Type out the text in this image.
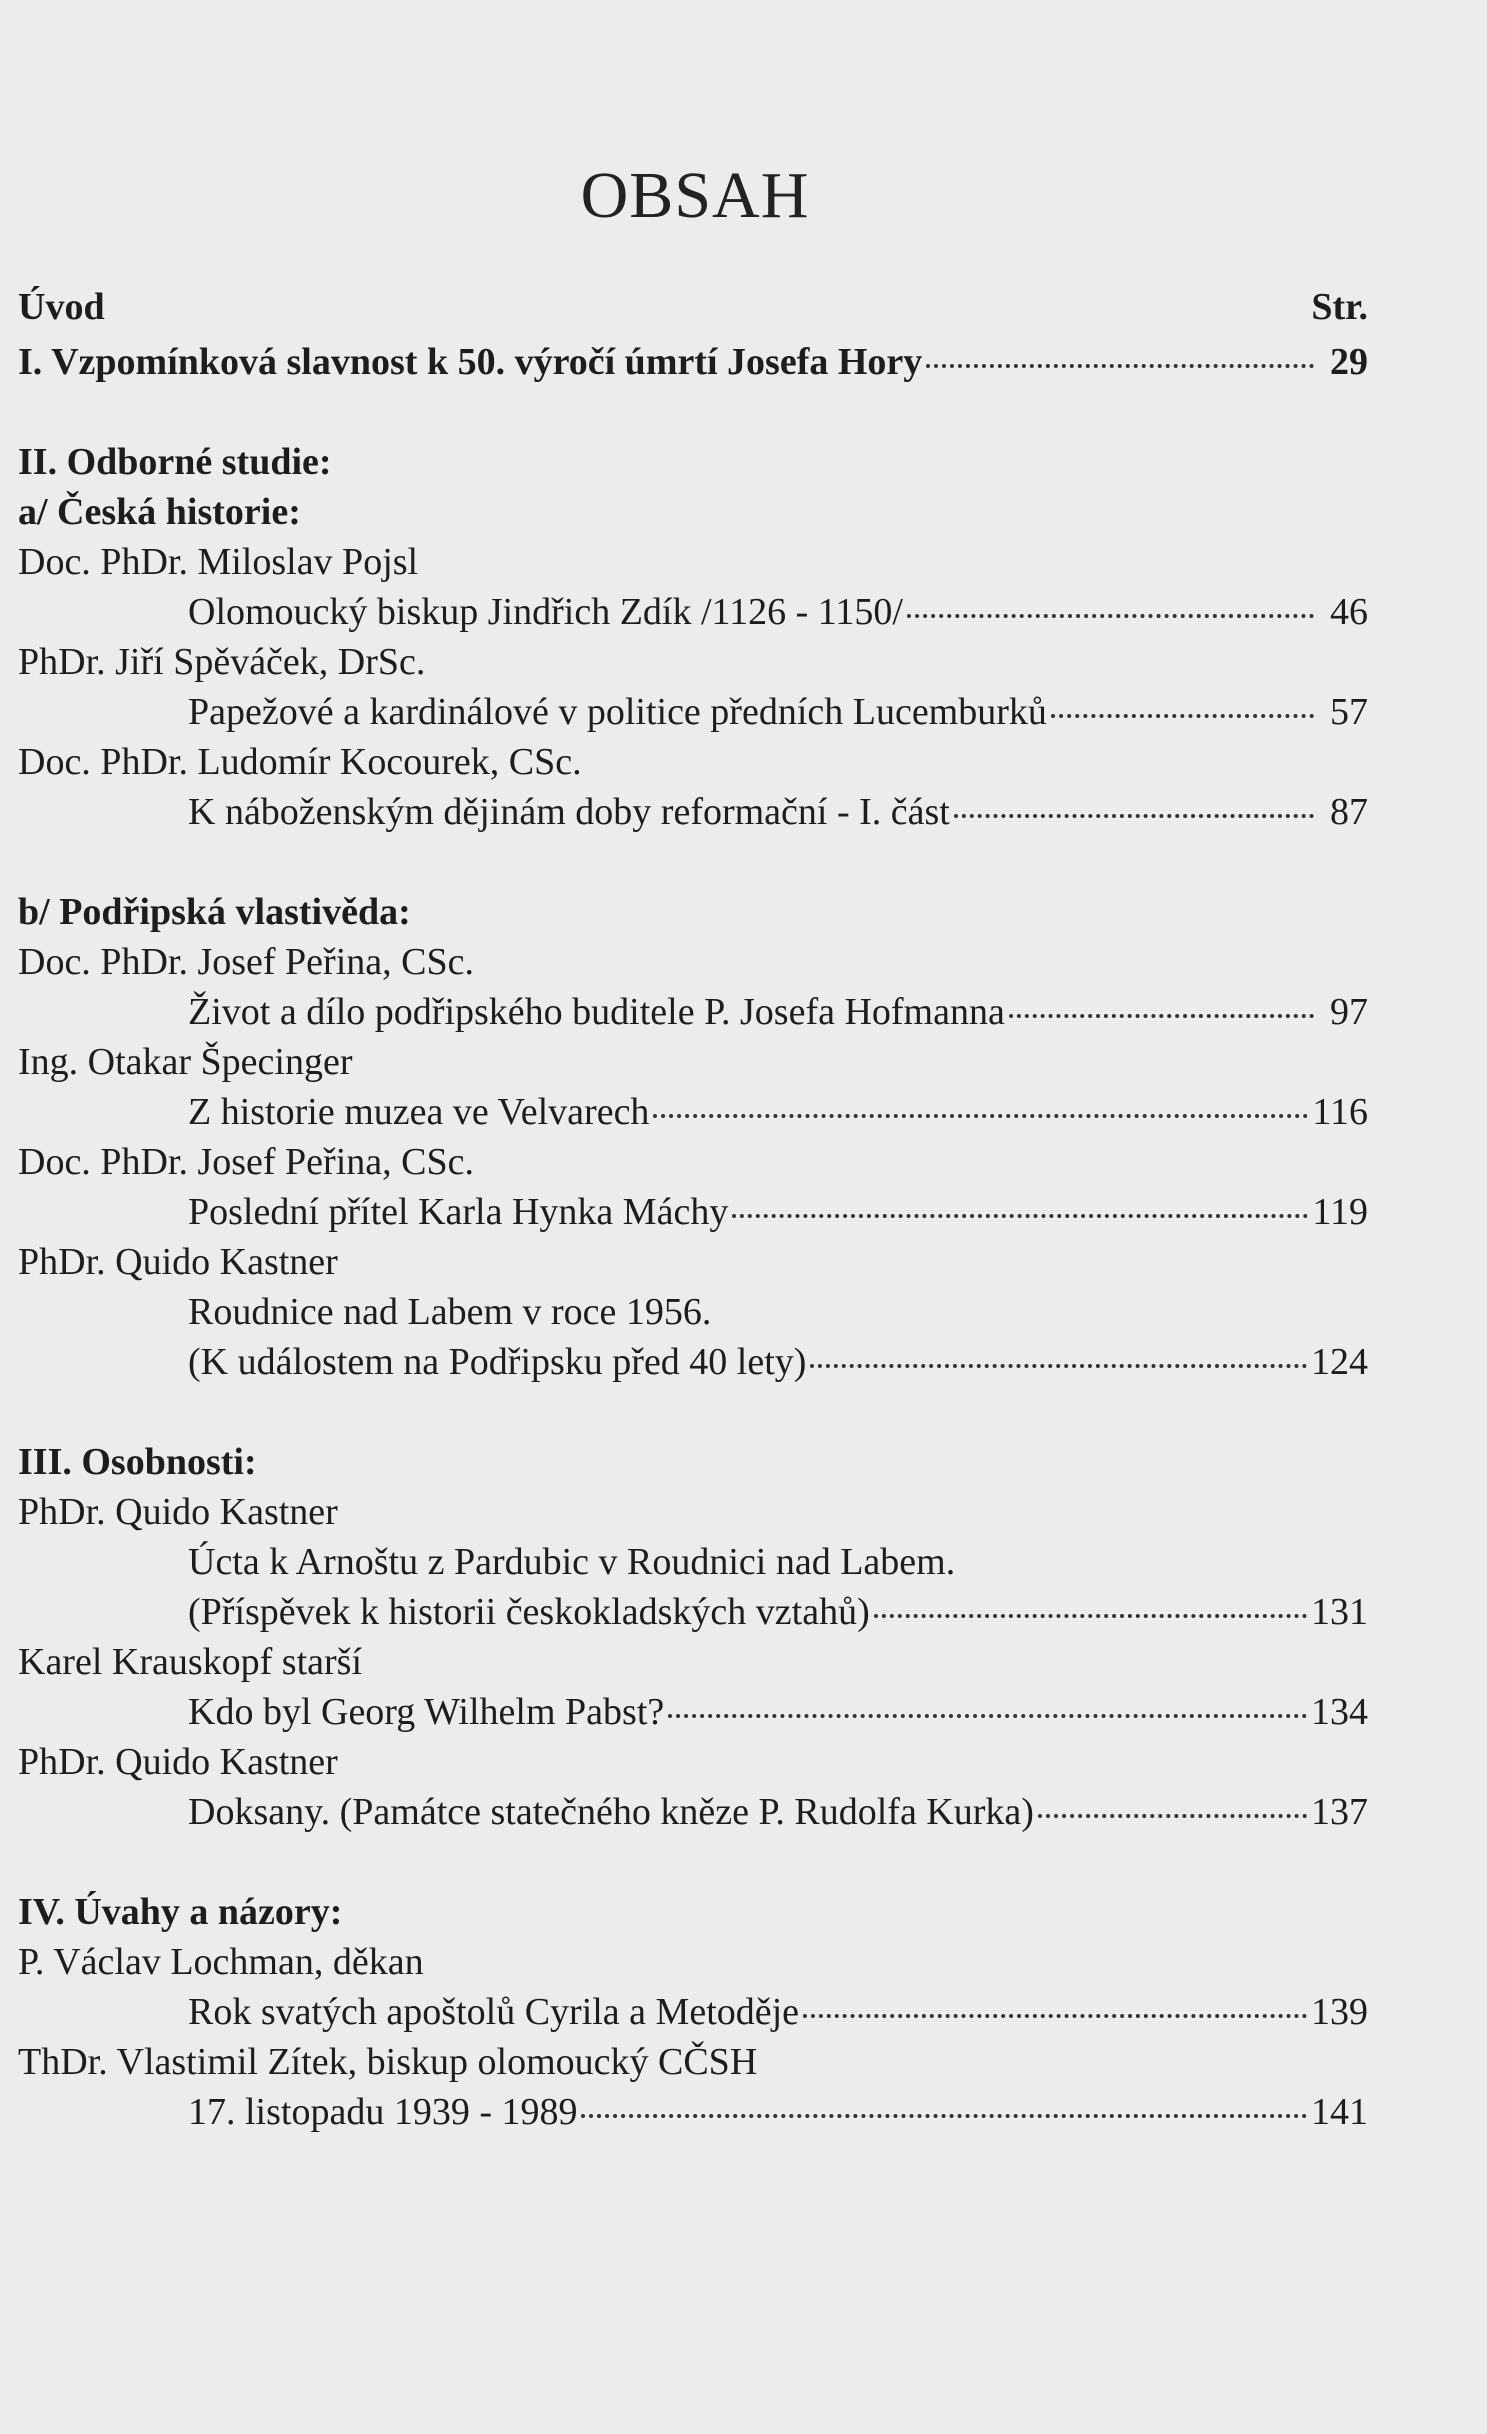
OBSAH
Úvod	Str.
I. Vzpomínková slavnost k 50. výročí úmrtí Josefa Hory	29
II. Odborné studie:
a/ Česká historie:
Doc. PhDr. Miloslav Pojsl
Olomoucký biskup Jindřich Zdík /1126 - 1150/	46
PhDr. Jiří Spěváček, DrSc.
Papežové a kardinálové v politice předních Lucemburků	57
Doc. PhDr. Ludomír Kocourek, CSc.
K náboženským dějinám doby reformační - I. část	87
b/ Podřipská vlastivěda:
Doc. PhDr. Josef Peřina, CSc.
Život a dílo podřipského buditele P. Josefa Hofmanna	97
Ing. Otakar Špecinger
Z historie muzea ve Velvarech	116
Doc. PhDr. Josef Peřina, CSc.
Poslední přítel Karla Hynka Máchy	119
PhDr. Quido Kastner
Roudnice nad Labem v roce 1956.
(K událostem na Podřipsku před 40 lety)	124
III. Osobnosti:
PhDr. Quido Kastner
Úcta k Arnoštu z Pardubic v Roudnici nad Labem.
(Příspěvek k historii českokladských vztahů)	131
Karel Krauskopf starší
Kdo byl Georg Wilhelm Pabst?	134
PhDr. Quido Kastner
Doksany. (Památce statečného kněze P. Rudolfa Kurka)	137
IV. Úvahy a názory:
P. Václav Lochman, děkan
Rok svatých apoštolů Cyrila a Metoděje	139
ThDr. Vlastimil Zítek, biskup olomoucký CČSH
17. listopadu 1939 - 1989	141
